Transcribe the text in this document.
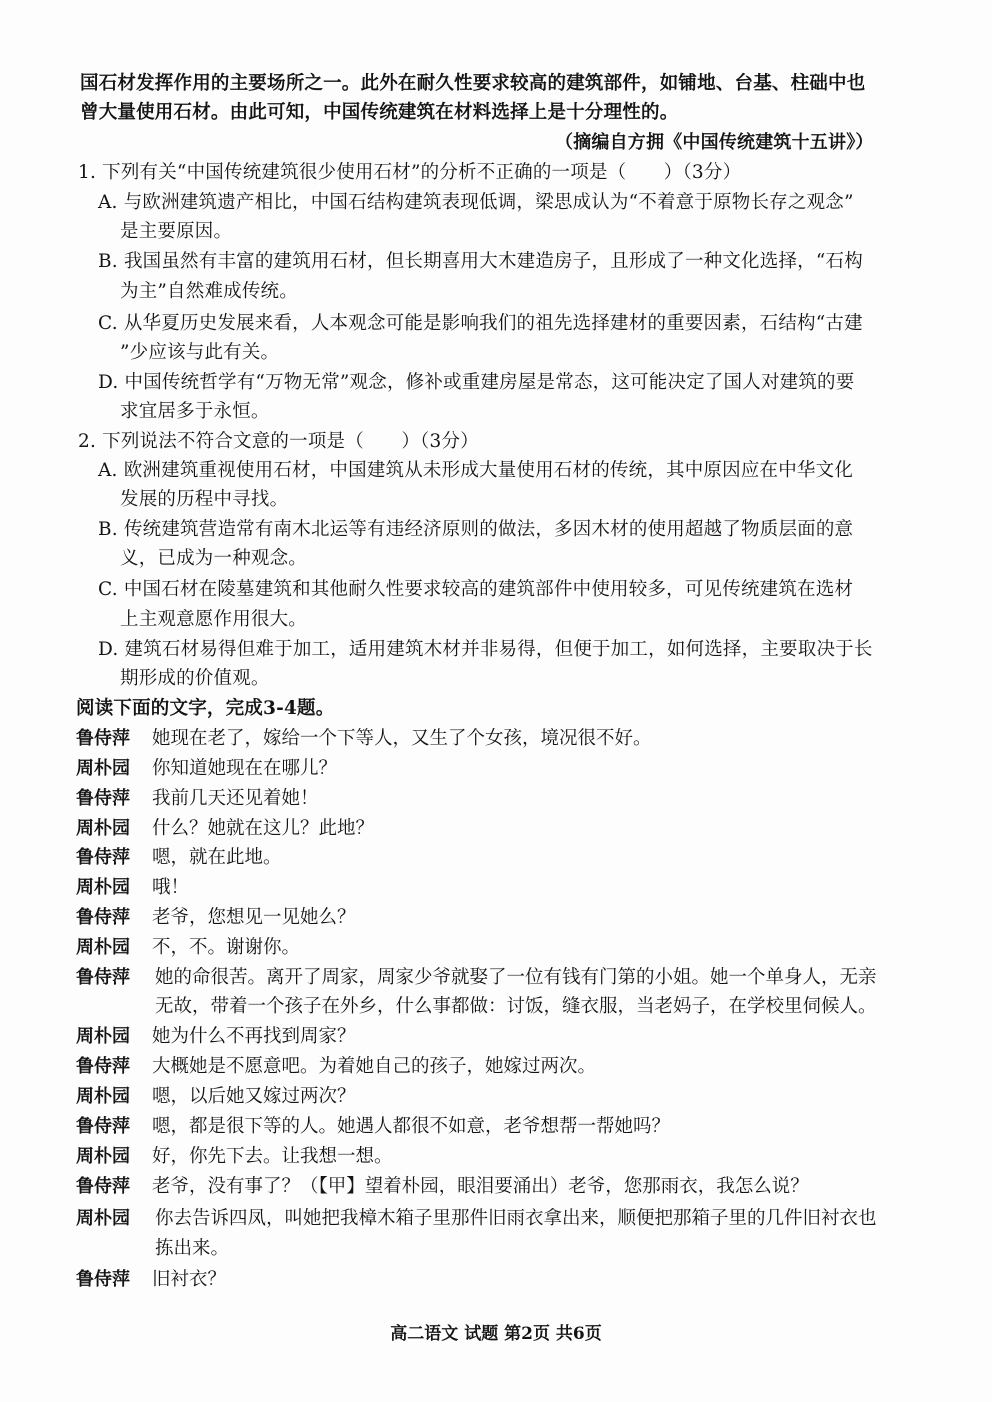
国石材发挥作用的主要场所之一。此外在耐久性要求较高的建筑部件，如铺地、台基、柱础中也
曾大量使用石材。由此可知，中国传统建筑在材料选择上是十分理性的。
（摘编自方拥《中国传统建筑十五讲》）
1. 下列有关“中国传统建筑很少使用石材”的分析不正确的一项是（　　）（3分）
A. 与欧洲建筑遗产相比，中国石结构建筑表现低调，梁思成认为“不着意于原物长存之观念”
是主要原因。
B. 我国虽然有丰富的建筑用石材，但长期喜用大木建造房子，且形成了一种文化选择，“石构
为主”自然难成传统。
C. 从华夏历史发展来看，人本观念可能是影响我们的祖先选择建材的重要因素，石结构“古建
”少应该与此有关。
D. 中国传统哲学有“万物无常”观念，修补或重建房屋是常态，这可能决定了国人对建筑的要
求宜居多于永恒。
2. 下列说法不符合文意的一项是（　　）（3分）
A. 欧洲建筑重视使用石材，中国建筑从未形成大量使用石材的传统，其中原因应在中华文化
发展的历程中寻找。
B. 传统建筑营造常有南木北运等有违经济原则的做法，多因木材的使用超越了物质层面的意
义，已成为一种观念。
C. 中国石材在陵墓建筑和其他耐久性要求较高的建筑部件中使用较多，可见传统建筑在选材
上主观意愿作用很大。
D. 建筑石材易得但难于加工，适用建筑木材并非易得，但便于加工，如何选择，主要取决于长
期形成的价值观。
阅读下面的文字，完成3-4题。
鲁侍萍 她现在老了，嫁给一个下等人，又生了个女孩，境况很不好。
周朴园 你知道她现在在哪儿？
鲁侍萍 我前几天还见着她！
周朴园 什么？她就在这儿？此地？
鲁侍萍 嗯，就在此地。
周朴园 哦！
鲁侍萍 老爷，您想见一见她么？
周朴园 不，不。谢谢你。
鲁侍萍 她的命很苦。离开了周家，周家少爷就娶了一位有钱有门第的小姐。她一个单身人，无亲
无故，带着一个孩子在外乡，什么事都做：讨饭，缝衣服，当老妈子，在学校里伺候人。
周朴园 她为什么不再找到周家？
鲁侍萍 大概她是不愿意吧。为着她自己的孩子，她嫁过两次。
周朴园 嗯，以后她又嫁过两次？
鲁侍萍 嗯，都是很下等的人。她遇人都很不如意，老爷想帮一帮她吗？
周朴园 好，你先下去。让我想一想。
鲁侍萍 老爷，没有事了？（【甲】望着朴园，眼泪要涌出）老爷，您那雨衣，我怎么说？
周朴园 你去告诉四凤，叫她把我樟木箱子里那件旧雨衣拿出来，顺便把那箱子里的几件旧衬衣也
拣出来。
鲁侍萍 旧衬衣？
高二语文 试题 第2页 共6页
